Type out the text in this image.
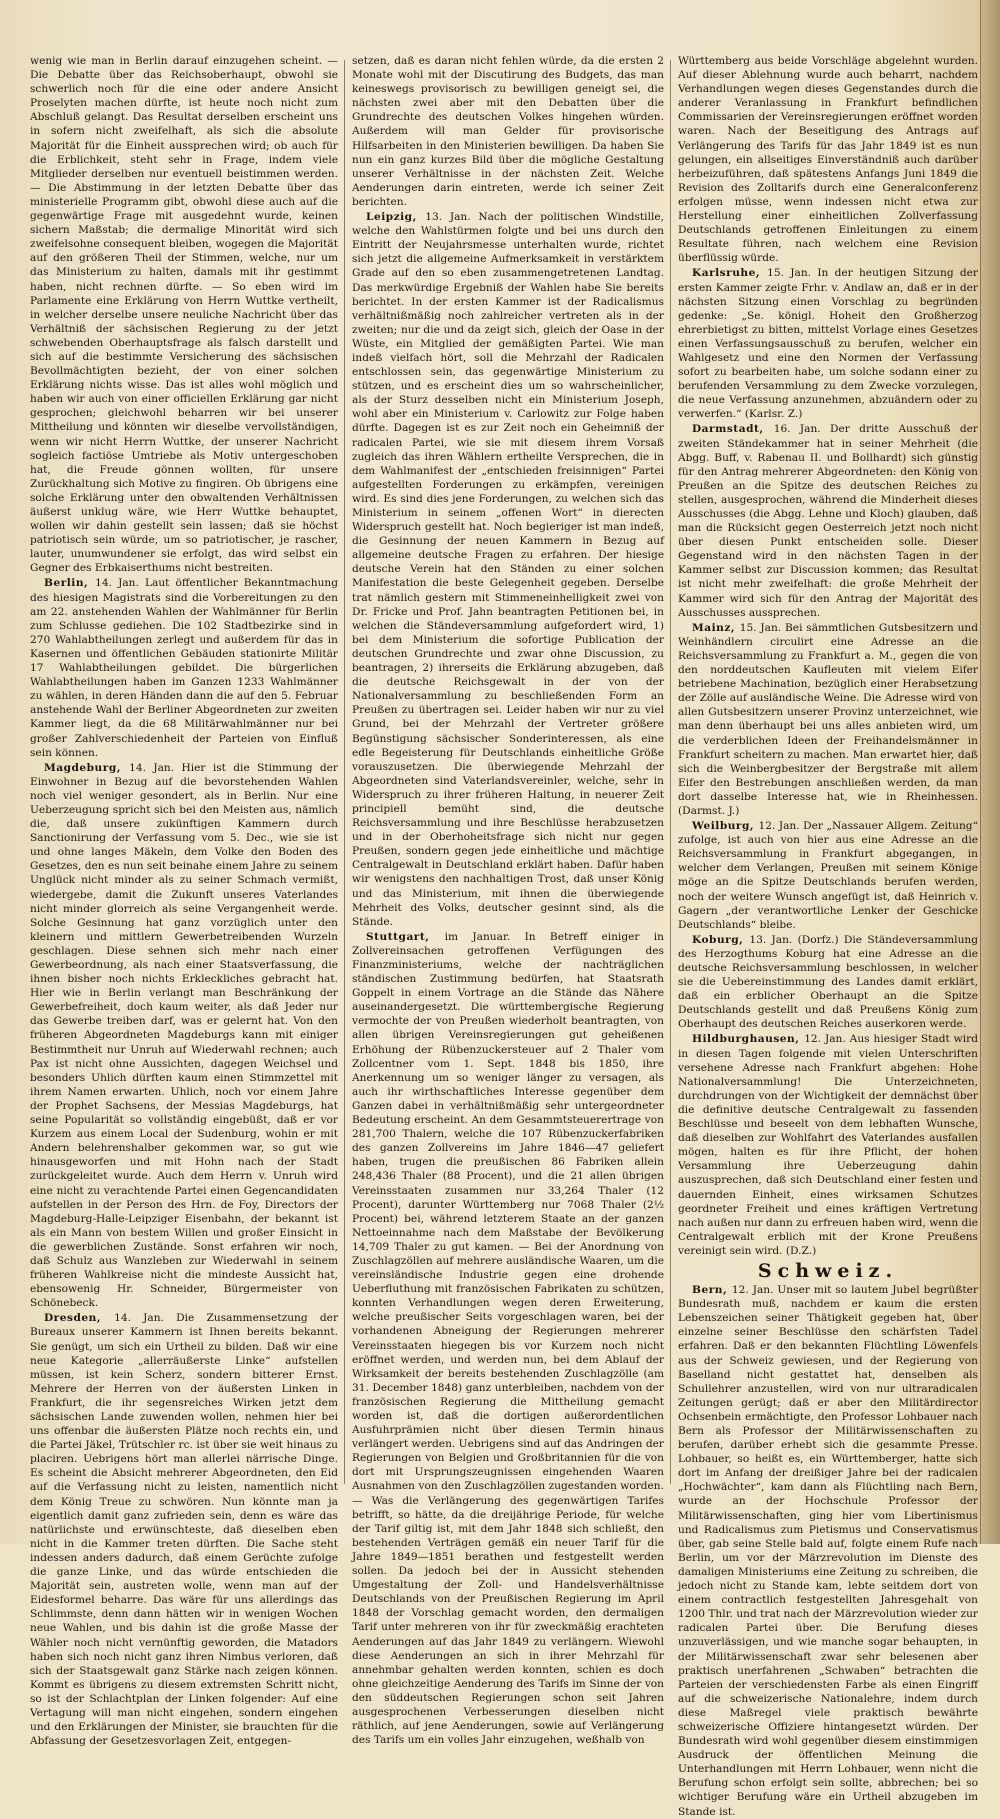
wenig wie man in Berlin darauf einzugehen scheint. — Die Debatte über das Reichsoberhaupt, obwohl sie schwerlich noch für die eine oder andere Ansicht Proselyten machen dürfte, ist heute noch nicht zum Abschluß gelangt. Das Resultat derselben erscheint uns in sofern nicht zweifelhaft, als sich die absolute Majorität für die Einheit aussprechen wird; ob auch für die Erblichkeit, steht sehr in Frage, indem viele Mitglieder derselben nur eventuell beistimmen werden. — Die Abstimmung in der letzten Debatte über das ministerielle Programm gibt, obwohl diese auch auf die gegenwärtige Frage mit ausgedehnt wurde, keinen sichern Maßstab; die dermalige Minorität wird sich zweifelsohne consequent bleiben, wogegen die Majorität auf den größeren Theil der Stimmen, welche, nur um das Ministerium zu halten, damals mit ihr gestimmt haben, nicht rechnen dürfte. — So eben wird im Parlamente eine Erklärung von Herrn Wuttke vertheilt, in welcher derselbe unsere neuliche Nachricht über das Verhältniß der sächsischen Regierung zu der jetzt schwebenden Oberhauptsfrage als falsch darstellt und sich auf die bestimmte Versicherung des sächsischen Bevollmächtigten bezieht, der von einer solchen Erklärung nichts wisse. Das ist alles wohl möglich und haben wir auch von einer officiellen Erklärung gar nicht gesprochen; gleichwohl beharren wir bei unserer Mittheilung und könnten wir dieselbe vervollständigen, wenn wir nicht Herrn Wuttke, der unserer Nachricht sogleich factiöse Umtriebe als Motiv untergeschoben hat, die Freude gönnen wollten, für unsere Zurückhaltung sich Motive zu fingiren. Ob übrigens eine solche Erklärung unter den obwaltenden Verhältnissen äußerst unklug wäre, wie Herr Wuttke behauptet, wollen wir dahin gestellt sein lassen; daß sie höchst patriotisch sein würde, um so patriotischer, je rascher, lauter, unumwundener sie erfolgt, das wird selbst ein Gegner des Erbkaiserthums nicht bestreiten.

Berlin, 14. Jan. Laut öffentlicher Bekanntmachung des hiesigen Magistrats sind die Vorbereitungen zu den am 22. anstehenden Wahlen der Wahlmänner für Berlin zum Schlusse gediehen. Die 102 Stadtbezirke sind in 270 Wahlabtheilungen zerlegt und außerdem für das in Kasernen und öffentlichen Gebäuden stationirte Militär 17 Wahlabtheilungen gebildet. Die bürgerlichen Wahlabtheilungen haben im Ganzen 1233 Wahlmänner zu wählen, in deren Händen dann die auf den 5. Februar anstehende Wahl der Berliner Abgeordneten zur zweiten Kammer liegt, da die 68 Militärwahlmänner nur bei großer Zahlverschiedenheit der Parteien von Einfluß sein können.

Magdeburg, 14. Jan. Hier ist die Stimmung der Einwohner in Bezug auf die bevorstehenden Wahlen noch viel weniger gesondert, als in Berlin. Nur eine Ueberzeugung spricht sich bei den Meisten aus, nämlich die, daß unsere zukünftigen Kammern durch Sanctionirung der Verfassung vom 5. Dec., wie sie ist und ohne langes Mäkeln, dem Volke den Boden des Gesetzes, den es nun seit beinahe einem Jahre zu seinem Unglück nicht minder als zu seiner Schmach vermißt, wiedergebe, damit die Zukunft unseres Vaterlandes nicht minder glorreich als seine Vergangenheit werde. Solche Gesinnung hat ganz vorzüglich unter den kleinern und mittlern Gewerbetreibenden Wurzeln geschlagen. Diese sehnen sich mehr nach einer Gewerbeordnung, als nach einer Staatsverfassung, die ihnen bisher noch nichts Erkleckliches gebracht hat. Hier wie in Berlin verlangt man Beschränkung der Gewerbefreiheit, doch kaum weiter, als daß Jeder nur das Gewerbe treiben darf, was er gelernt hat. Von den früheren Abgeordneten Magdeburgs kann mit einiger Bestimmtheit nur Unruh auf Wiederwahl rechnen; auch Pax ist nicht ohne Aussichten, dagegen Weichsel und besonders Uhlich dürften kaum einen Stimmzettel mit ihrem Namen erwarten. Uhlich, noch vor einem Jahre der Prophet Sachsens, der Messias Magdeburgs, hat seine Popularität so vollständig eingebüßt, daß er vor Kurzem aus einem Local der Sudenburg, wohin er mit Andern belehrenshalber gekommen war, so gut wie hinausgeworfen und mit Hohn nach der Stadt zurückgeleitet wurde. Auch dem Herrn v. Unruh wird eine nicht zu verachtende Partei einen Gegencandidaten aufstellen in der Person des Hrn. de Foy, Directors der Magdeburg-Halle-Leipziger Eisenbahn, der bekannt ist als ein Mann von bestem Willen und großer Einsicht in die gewerblichen Zustände. Sonst erfahren wir noch, daß Schulz aus Wanzleben zur Wiederwahl in seinem früheren Wahlkreise nicht die mindeste Aussicht hat, ebensowenig Hr. Schneider, Bürgermeister von Schönebeck.

Dresden, 14. Jan. Die Zusammensetzung der Bureaux unserer Kammern ist Ihnen bereits bekannt. Sie genügt, um sich ein Urtheil zu bilden. Daß wir eine neue Kategorie „allerräußerste Linke“ aufstellen müssen, ist kein Scherz, sondern bitterer Ernst. Mehrere der Herren von der äußersten Linken in Frankfurt, die ihr segensreiches Wirken jetzt dem sächsischen Lande zuwenden wollen, nehmen hier bei uns offenbar die äußersten Plätze noch rechts ein, und die Partei Jäkel, Trütschler rc. ist über sie weit hinaus zu placiren. Uebrigens hört man allerlei närrische Dinge. Es scheint die Absicht mehrerer Abgeordneten, den Eid auf die Verfassung nicht zu leisten, namentlich nicht dem König Treue zu schwören. Nun könnte man ja eigentlich damit ganz zufrieden sein, denn es wäre das natürlichste und erwünschteste, daß dieselben eben nicht in die Kammer treten dürften. Die Sache steht indessen anders dadurch, daß einem Gerüchte zufolge die ganze Linke, und das würde entschieden die Majorität sein, austreten wolle, wenn man auf der Eidesformel beharre. Das wäre für uns allerdings das Schlimmste, denn dann hätten wir in wenigen Wochen neue Wahlen, und bis dahin ist die große Masse der Wähler noch nicht vernünftig geworden, die Matadors haben sich noch nicht ganz ihren Nimbus verloren, daß sich der Staatsgewalt ganz Stärke nach zeigen können. Kommt es übrigens zu diesem extremsten Schritt nicht, so ist der Schlachtplan der Linken folgender: Auf eine Vertagung will man nicht eingehen, sondern eingehen und den Erklärungen der Minister, sie brauchten für die Abfassung der Gesetzesvorlagen Zeit, entgegen-

setzen, daß es daran nicht fehlen würde, da die ersten 2 Monate wohl mit der Discutirung des Budgets, das man keineswegs provisorisch zu bewilligen geneigt sei, die nächsten zwei aber mit den Debatten über die Grundrechte des deutschen Volkes hingehen würden. Außerdem will man Gelder für provisorische Hilfsarbeiten in den Ministerien bewilligen. Da haben Sie nun ein ganz kurzes Bild über die mögliche Gestaltung unserer Verhältnisse in der nächsten Zeit. Welche Aenderungen darin eintreten, werde ich seiner Zeit berichten.

Leipzig, 13. Jan. Nach der politischen Windstille, welche den Wahlstürmen folgte und bei uns durch den Eintritt der Neujahrsmesse unterhalten wurde, richtet sich jetzt die allgemeine Aufmerksamkeit in verstärktem Grade auf den so eben zusammengetretenen Landtag. Das merkwürdige Ergebniß der Wahlen habe Sie bereits berichtet. In der ersten Kammer ist der Radicalismus verhältnißmäßig noch zahlreicher vertreten als in der zweiten; nur die und da zeigt sich, gleich der Oase in der Wüste, ein Mitglied der gemäßigten Partei. Wie man indeß vielfach hört, soll die Mehrzahl der Radicalen entschlossen sein, das gegenwärtige Ministerium zu stützen, und es erscheint dies um so wahrscheinlicher, als der Sturz desselben nicht ein Ministerium Joseph, wohl aber ein Ministerium v. Carlowitz zur Folge haben dürfte. Dagegen ist es zur Zeit noch ein Geheimniß der radicalen Partei, wie sie mit diesem ihrem Vorsaß zugleich das ihren Wählern ertheilte Versprechen, die in dem Wahlmanifest der „entschieden freisinnigen“ Partei aufgestellten Forderungen zu erkämpfen, vereinigen wird. Es sind dies jene Forderungen, zu welchen sich das Ministerium in seinem „offenen Wort“ in dierecten Widerspruch gestellt hat. Noch begieriger ist man indeß, die Gesinnung der neuen Kammern in Bezug auf allgemeine deutsche Fragen zu erfahren. Der hiesige deutsche Verein hat den Ständen zu einer solchen Manifestation die beste Gelegenheit gegeben. Derselbe trat nämlich gestern mit Stimmeneinhelligkeit zwei von Dr. Fricke und Prof. Jahn beantragten Petitionen bei, in welchen die Ständeversammlung aufgefordert wird, 1) bei dem Ministerium die sofortige Publication der deutschen Grundrechte und zwar ohne Discussion, zu beantragen, 2) ihrerseits die Erklärung abzugeben, daß die deutsche Reichsgewalt in der von der Nationalversammlung zu beschließenden Form an Preußen zu übertragen sei. Leider haben wir nur zu viel Grund, bei der Mehrzahl der Vertreter größere Begünstigung sächsischer Sonderinteressen, als eine edle Begeisterung für Deutschlands einheitliche Größe vorauszusetzen. Die überwiegende Mehrzahl der Abgeordneten sind Vaterlandsvereinler, welche, sehr in Widerspruch zu ihrer früheren Haltung, in neuerer Zeit principiell bemüht sind, die deutsche Reichsversammlung und ihre Beschlüsse herabzusetzen und in der Oberhoheitsfrage sich nicht nur gegen Preußen, sondern gegen jede einheitliche und mächtige Centralgewalt in Deutschland erklärt haben. Dafür haben wir wenigstens den nachhaltigen Trost, daß unser König und das Ministerium, mit ihnen die überwiegende Mehrheit des Volks, deutscher gesinnt sind, als die Stände.

Stuttgart, im Januar. In Betreff einiger in Zollvereinsachen getroffenen Verfügungen des Finanzministeriums, welche der nachträglichen ständischen Zustimmung bedürfen, hat Staatsrath Goppelt in einem Vortrage an die Stände das Nähere auseinandergesetzt. Die württembergische Regierung vermochte der von Preußen wiederholt beantragten, von allen übrigen Vereinsregierungen gut geheißenen Erhöhung der Rübenzuckersteuer auf 2 Thaler vom Zollcentner vom 1. Sept. 1848 bis 1850, ihre Anerkennung um so weniger länger zu versagen, als auch ihr wirthschaftliches Interesse gegenüber dem Ganzen dabei in verhältnißmäßig sehr untergeordneter Bedeutung erscheint. An dem Gesammtsteuerertrage von 281,700 Thalern, welche die 107 Rübenzuckerfabriken des ganzen Zollvereins im Jahre 1846—47 geliefert haben, trugen die preußischen 86 Fabriken allein 248,436 Thaler (88 Procent), und die 21 allen übrigen Vereinsstaaten zusammen nur 33,264 Thaler (12 Procent), darunter Württemberg nur 7068 Thaler (2½ Procent) bei, während letzterem Staate an der ganzen Nettoeinnahme nach dem Maßstabe der Bevölkerung 14,709 Thaler zu gut kamen. — Bei der Anordnung von Zuschlagzöllen auf mehrere ausländische Waaren, um die vereinsländische Industrie gegen eine drohende Ueberfluthung mit französischen Fabrikaten zu schützen, konnten Verhandlungen wegen deren Erweiterung, welche preußischer Seits vorgeschlagen waren, bei der vorhandenen Abneigung der Regierungen mehrerer Vereinsstaaten hiegegen bis vor Kurzem noch nicht eröffnet werden, und werden nun, bei dem Ablauf der Wirksamkeit der bereits bestehenden Zuschlagzölle (am 31. December 1848) ganz unterbleiben, nachdem von der französischen Regierung die Mittheilung gemacht worden ist, daß die dortigen außerordentlichen Ausfuhrprämien nicht über diesen Termin hinaus verlängert werden. Uebrigens sind auf das Andringen der Regierungen von Belgien und Großbritannien für die von dort mit Ursprungszeugnissen eingehenden Waaren Ausnahmen von den Zuschlagzöllen zugestanden worden. — Was die Verlängerung des gegenwärtigen Tarifes betrifft, so hätte, da die dreijährige Periode, für welche der Tarif giltig ist, mit dem Jahr 1848 sich schließt, den bestehenden Verträgen gemäß ein neuer Tarif für die Jahre 1849—1851 berathen und festgestellt werden sollen. Da jedoch bei der in Aussicht stehenden Umgestaltung der Zoll- und Handelsverhältnisse Deutschlands von der Preußischen Regierung im April 1848 der Vorschlag gemacht worden, den dermaligen Tarif unter mehreren von ihr für zweckmäßig erachteten Aenderungen auf das Jahr 1849 zu verlängern. Wiewohl diese Aenderungen an sich in ihrer Mehrzahl für annehmbar gehalten werden konnten, schien es doch ohne gleichzeitige Aenderung des Tarifs im Sinne der von den süddeutschen Regierungen schon seit Jahren ausgesprochenen Verbesserungen dieselben nicht räthlich, auf jene Aenderungen, sowie auf Verlängerung des Tarifs um ein volles Jahr einzugehen, weßhalb von

Württemberg aus beide Vorschläge abgelehnt wurden. Auf dieser Ablehnung wurde auch beharrt, nachdem Verhandlungen wegen dieses Gegenstandes durch die anderer Veranlassung in Frankfurt befindlichen Commissarien der Vereinsregierungen eröffnet worden waren. Nach der Beseitigung des Antrags auf Verlängerung des Tarifs für das Jahr 1849 ist es nun gelungen, ein allseitiges Einverständniß auch darüber herbeizuführen, daß spätestens Anfangs Juni 1849 die Revision des Zolltarifs durch eine Generalconferenz erfolgen müsse, wenn indessen nicht etwa zur Herstellung einer einheitlichen Zollverfassung Deutschlands getroffenen Einleitungen zu einem Resultate führen, nach welchem eine Revision überflüssig würde.

Karlsruhe, 15. Jan. In der heutigen Sitzung der ersten Kammer zeigte Frhr. v. Andlaw an, daß er in der nächsten Sitzung einen Vorschlag zu begründen gedenke: „Se. königl. Hoheit den Großherzog ehrerbietigst zu bitten, mittelst Vorlage eines Gesetzes einen Verfassungsausschuß zu berufen, welcher ein Wahlgesetz und eine den Normen der Verfassung sofort zu bearbeiten habe, um solche sodann einer zu berufenden Versammlung zu dem Zwecke vorzulegen, die neue Verfassung anzunehmen, abzuändern oder zu verwerfen.“ (Karlsr. Z.)

Darmstadt, 16. Jan. Der dritte Ausschuß der zweiten Ständekammer hat in seiner Mehrheit (die Abgg. Buff, v. Rabenau II. und Bollhardt) sich günstig für den Antrag mehrerer Abgeordneten: den König von Preußen an die Spitze des deutschen Reiches zu stellen, ausgesprochen, während die Minderheit dieses Ausschusses (die Abgg. Lehne und Kloch) glauben, daß man die Rücksicht gegen Oesterreich jetzt noch nicht über diesen Punkt entscheiden solle. Dieser Gegenstand wird in den nächsten Tagen in der Kammer selbst zur Discussion kommen; das Resultat ist nicht mehr zweifelhaft: die große Mehrheit der Kammer wird sich für den Antrag der Majorität des Ausschusses aussprechen.

Mainz, 15. Jan. Bei sämmtlichen Gutsbesitzern und Weinhändlern circulirt eine Adresse an die Reichsversammlung zu Frankfurt a. M., gegen die von den norddeutschen Kaufleuten mit vielem Eifer betriebene Machination, bezüglich einer Herabsetzung der Zölle auf ausländische Weine. Die Adresse wird von allen Gutsbesitzern unserer Provinz unterzeichnet, wie man denn überhaupt bei uns alles anbieten wird, um die verderblichen Ideen der Freihandelsmänner in Frankfurt scheitern zu machen. Man erwartet hier, daß sich die Weinbergbesitzer der Bergstraße mit allem Eifer den Bestrebungen anschließen werden, da man dort dasselbe Interesse hat, wie in Rheinhessen. (Darmst. J.)

Weilburg, 12. Jan. Der „Nassauer Allgem. Zeitung“ zufolge, ist auch von hier aus eine Adresse an die Reichsversammlung in Frankfurt abgegangen, in welcher dem Verlangen, Preußen mit seinem Könige möge an die Spitze Deutschlands berufen werden, noch der weitere Wunsch angefügt ist, daß Heinrich v. Gagern „der verantwortliche Lenker der Geschicke Deutschlands“ bleibe.

Koburg, 13. Jan. (Dorfz.) Die Ständeversammlung des Herzogthums Koburg hat eine Adresse an die deutsche Reichsversammlung beschlossen, in welcher sie die Uebereinstimmung des Landes damit erklärt, daß ein erblicher Oberhaupt an die Spitze Deutschlands gestellt und daß Preußens König zum Oberhaupt des deutschen Reiches auserkoren werde.

Hildburghausen, 12. Jan. Aus hiesiger Stadt wird in diesen Tagen folgende mit vielen Unterschriften versehene Adresse nach Frankfurt abgehen: Hohe Nationalversammlung! Die Unterzeichneten, durchdrungen von der Wichtigkeit der demnächst über die definitive deutsche Centralgewalt zu fassenden Beschlüsse und beseelt von dem lebhaften Wunsche, daß dieselben zur Wohlfahrt des Vaterlandes ausfallen mögen, halten es für ihre Pflicht, der hohen Versammlung ihre Ueberzeugung dahin auszusprechen, daß sich Deutschland einer festen und dauernden Einheit, eines wirksamen Schutzes geordneter Freiheit und eines kräftigen Vertretung nach außen nur dann zu erfreuen haben wird, wenn die Centralgewalt erblich mit der Krone Preußens vereinigt sein wird. (D.Z.)

Schweiz.

Bern, 12. Jan. Unser mit so lautem Jubel begrüßter Bundesrath muß, nachdem er kaum die ersten Lebenszeichen seiner Thätigkeit gegeben hat, über einzelne seiner Beschlüsse den schärfsten Tadel erfahren. Daß er den bekannten Flüchtling Löwenfels aus der Schweiz gewiesen, und der Regierung von Baselland nicht gestattet hat, denselben als Schullehrer anzustellen, wird von nur ultraradicalen Zeitungen gerügt; daß er aber den Militärdirector Ochsenbein ermächtigte, den Professor Lohbauer nach Bern als Professor der Militärwissenschaften zu berufen, darüber erhebt sich die gesammte Presse. Lohbauer, so heißt es, ein Württemberger, hatte sich dort im Anfang der dreißiger Jahre bei der radicalen „Hochwächter“, kam dann als Flüchtling nach Bern, wurde an der Hochschule Professor der Militärwissenschaften, ging hier vom Libertinismus und Radicalismus zum Pietismus und Conservatismus über, gab seine Stelle bald auf, folgte einem Rufe nach Berlin, um vor der Märzrevolution im Dienste des damaligen Ministeriums eine Zeitung zu schreiben, die jedoch nicht zu Stande kam, lebte seitdem dort von einem contractlich festgestellten Jahresgehalt von 1200 Thlr. und trat nach der Märzrevolution wieder zur radicalen Partei über. Die Berufung dieses unzuverlässigen, und wie manche sogar behaupten, in der Militärwissenschaft zwar sehr belesenen aber praktisch unerfahrenen „Schwaben“ betrachten die Parteien der verschiedensten Farbe als einen Eingriff auf die schweizerische Nationalehre, indem durch diese Maßregel viele praktisch bewährte schweizerische Offiziere hintangesetzt würden. Der Bundesrath wird wohl gegenüber diesem einstimmigen Ausdruck der öffentlichen Meinung die Unterhandlungen mit Herrn Lohbauer, wenn nicht die Berufung schon erfolgt sein sollte, abbrechen; bei so wichtiger Berufung wäre ein Urtheil abzugeben im Stande ist.
